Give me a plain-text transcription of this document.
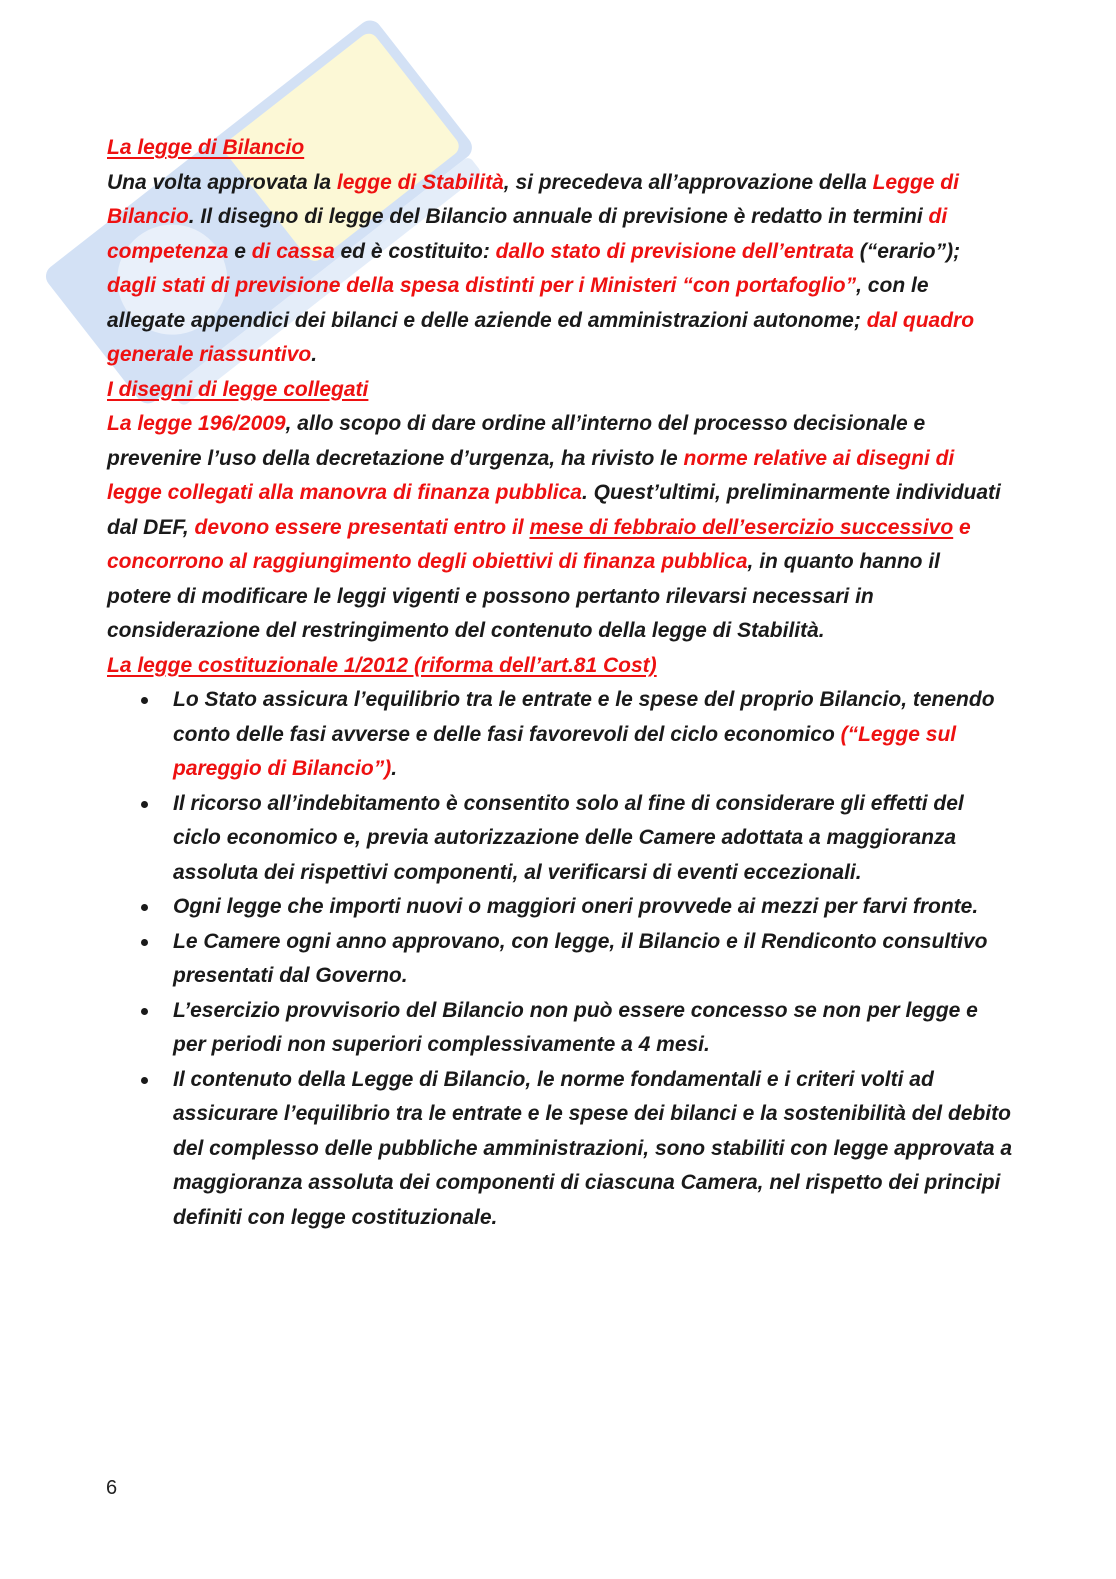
La legge di Bilancio

Una volta approvata la legge di Stabilità, si precedeva all’approvazione della Legge di Bilancio. Il disegno di legge del Bilancio annuale di previsione è redatto in termini di competenza e di cassa ed è costituito: dallo stato di previsione dell’entrata (“erario”); dagli stati di previsione della spesa distinti per i Ministeri “con portafoglio”, con le allegate appendici dei bilanci e delle aziende ed amministrazioni autonome; dal quadro generale riassuntivo.

I disegni di legge collegati

La legge 196/2009, allo scopo di dare ordine all’interno del processo decisionale e prevenire l’uso della decretazione d’urgenza, ha rivisto le norme relative ai disegni di legge collegati alla manovra di finanza pubblica. Quest’ultimi, preliminarmente individuati dal DEF, devono essere presentati entro il mese di febbraio dell’esercizio successivo e concorrono al raggiungimento degli obiettivi di finanza pubblica, in quanto hanno il potere di modificare le leggi vigenti e possono pertanto rilevarsi necessari in considerazione del restringimento del contenuto della legge di Stabilità.

La legge costituzionale 1/2012 (riforma dell’art.81 Cost)

Lo Stato assicura l’equilibrio tra le entrate e le spese del proprio Bilancio, tenendo conto delle fasi avverse e delle fasi favorevoli del ciclo economico (“Legge sul pareggio di Bilancio”).
Il ricorso all’indebitamento è consentito solo al fine di considerare gli effetti del ciclo economico e, previa autorizzazione delle Camere adottata a maggioranza assoluta dei rispettivi componenti, al verificarsi di eventi eccezionali.
Ogni legge che importi nuovi o maggiori oneri provvede ai mezzi per farvi fronte.
Le Camere ogni anno approvano, con legge, il Bilancio e il Rendiconto consultivo presentati dal Governo.
L’esercizio provvisorio del Bilancio non può essere concesso se non per legge e per periodi non superiori complessivamente a 4 mesi.
Il contenuto della Legge di Bilancio, le norme fondamentali e i criteri volti ad assicurare l’equilibrio tra le entrate e le spese dei bilanci e la sostenibilità del debito del complesso delle pubbliche amministrazioni, sono stabiliti con legge approvata a maggioranza assoluta dei componenti di ciascuna Camera, nel rispetto dei principi definiti con legge costituzionale.
6
